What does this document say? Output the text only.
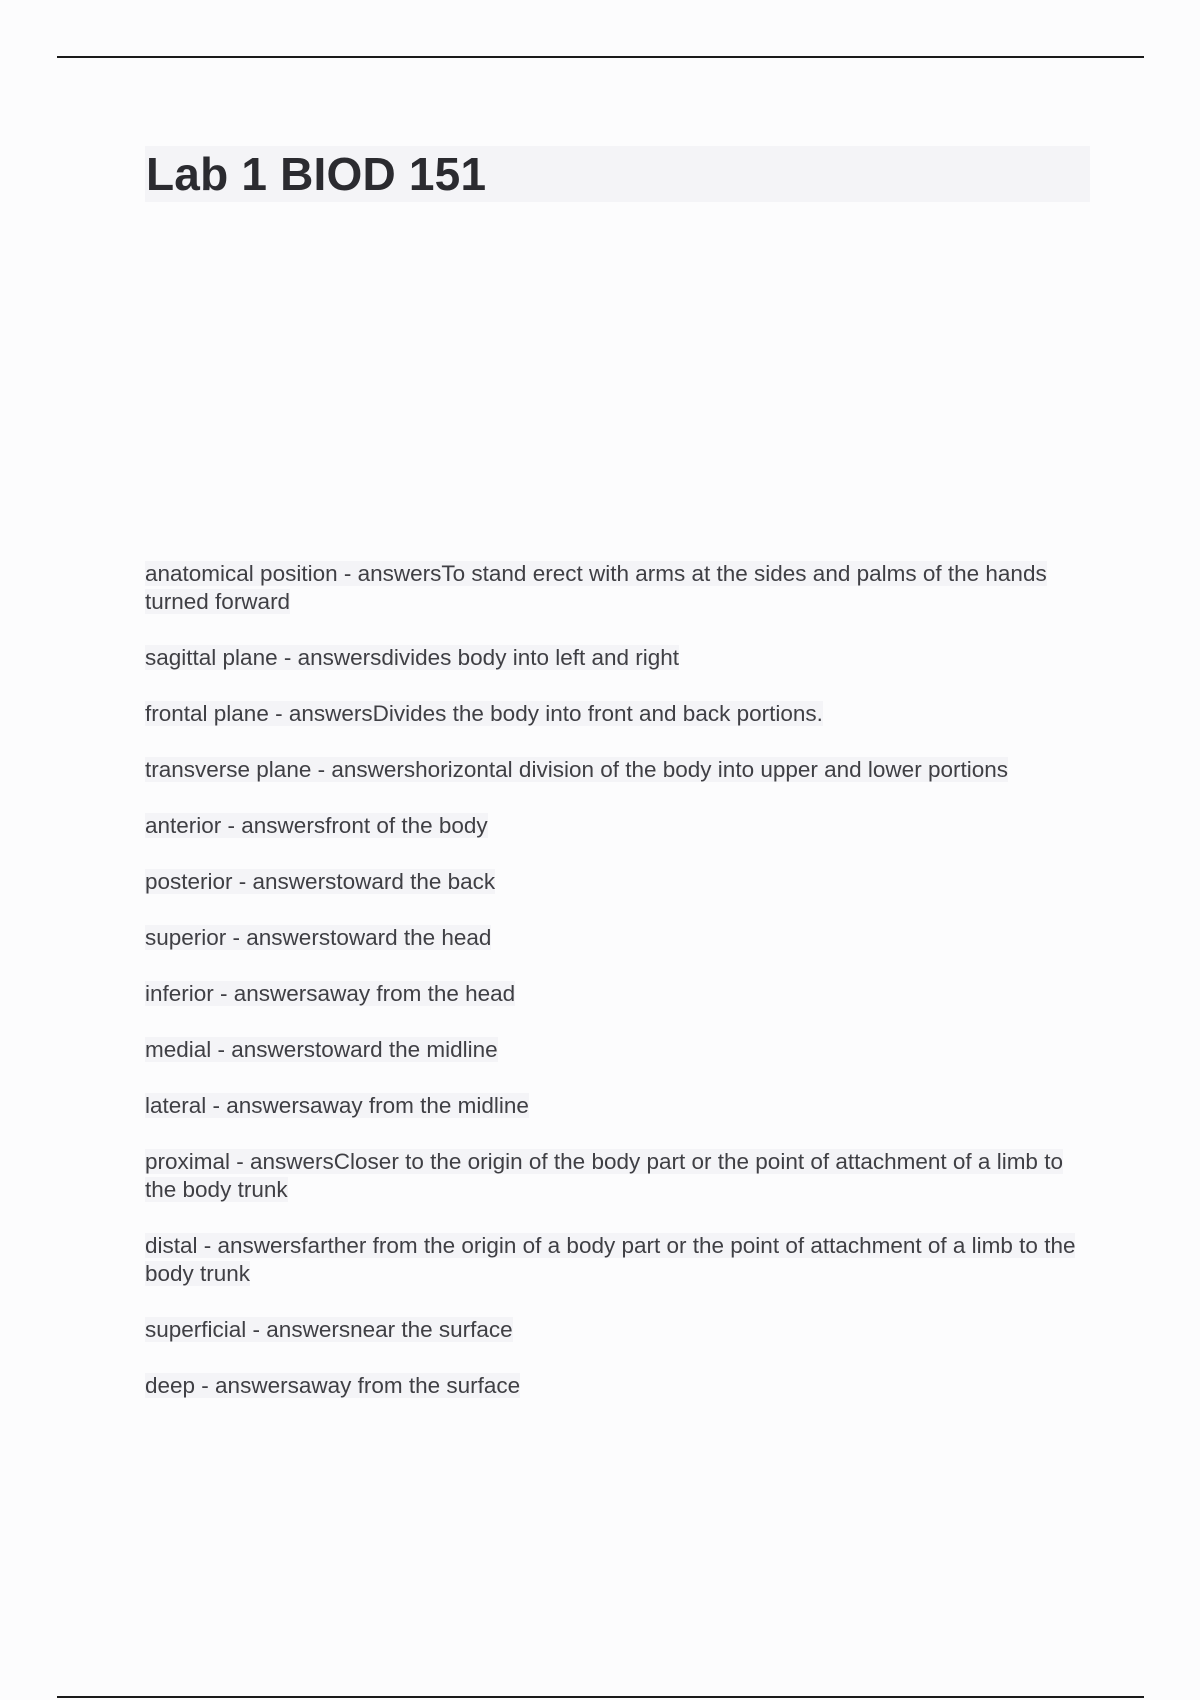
Lab 1 BIOD 151
anatomical position - answersTo stand erect with arms at the sides and palms of the hands turned forward
sagittal plane - answersdivides body into left and right
frontal plane - answersDivides the body into front and back portions.
transverse plane - answershorizontal division of the body into upper and lower portions
anterior - answersfront of the body
posterior - answerstoward the back
superior - answerstoward the head
inferior - answersaway from the head
medial - answerstoward the midline
lateral - answersaway from the midline
proximal - answersCloser to the origin of the body part or the point of attachment of a limb to the body trunk
distal - answersfarther from the origin of a body part or the point of attachment of a limb to the body trunk
superficial - answersnear the surface
deep - answersaway from the surface
